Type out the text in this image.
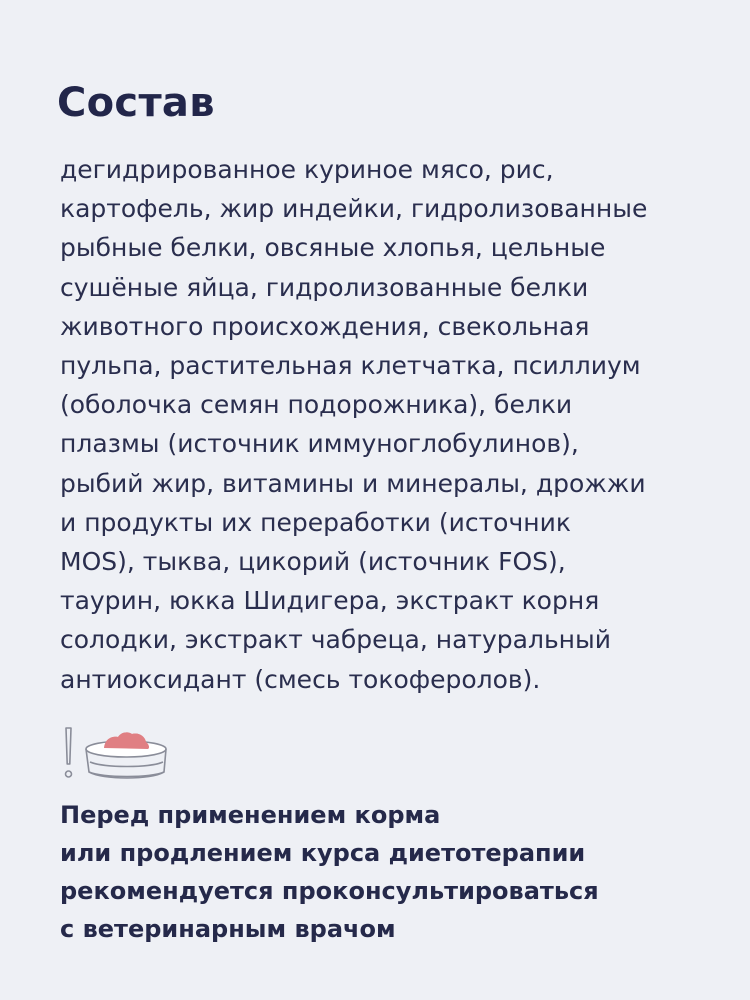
Состав

дегидрированное куриное мясо, рис,
картофель, жир индейки, гидролизованные
рыбные белки, овсяные хлопья, цельные
сушёные яйца, гидролизованные белки
животного происхождения, свекольная
пульпа, растительная клетчатка, псиллиум
(оболочка семян подорожника), белки
плазмы (источник иммуноглобулинов),
рыбий жир, витамины и минералы, дрожжи
и продукты их переработки (источник
MOS), тыква, цикорий (источник FOS),
таурин, юкка Шидигера, экстракт корня
солодки, экстракт чабреца, натуральный
антиоксидант (смесь токоферолов).

Перед применением корма
или продлением курса диетотерапии
рекомендуется проконсультироваться
с ветеринарным врачом
